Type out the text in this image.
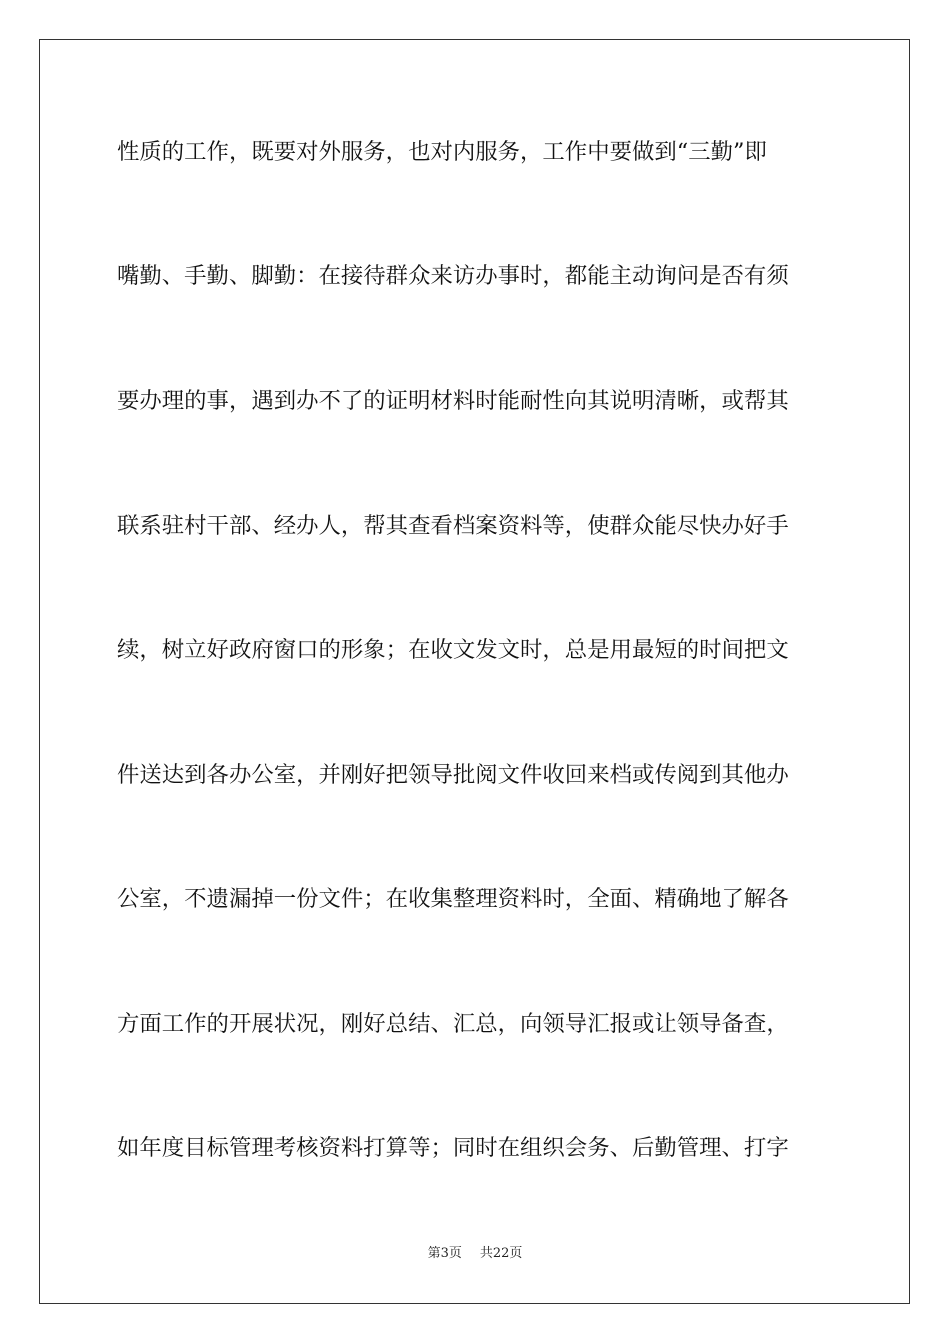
性质的工作，既要对外服务，也对内服务，工作中要做到“三勤”即
嘴勤、手勤、脚勤：在接待群众来访办事时，都能主动询问是否有须
要办理的事，遇到办不了的证明材料时能耐性向其说明清晰，或帮其
联系驻村干部、经办人，帮其查看档案资料等，使群众能尽快办好手
续，树立好政府窗口的形象；在收文发文时，总是用最短的时间把文
件送达到各办公室，并刚好把领导批阅文件收回来档或传阅到其他办
公室，不遗漏掉一份文件；在收集整理资料时，全面、精确地了解各
方面工作的开展状况，刚好总结、汇总，向领导汇报或让领导备查，
如年度目标管理考核资料打算等；同时在组织会务、后勤管理、打字
第3页 共22页
